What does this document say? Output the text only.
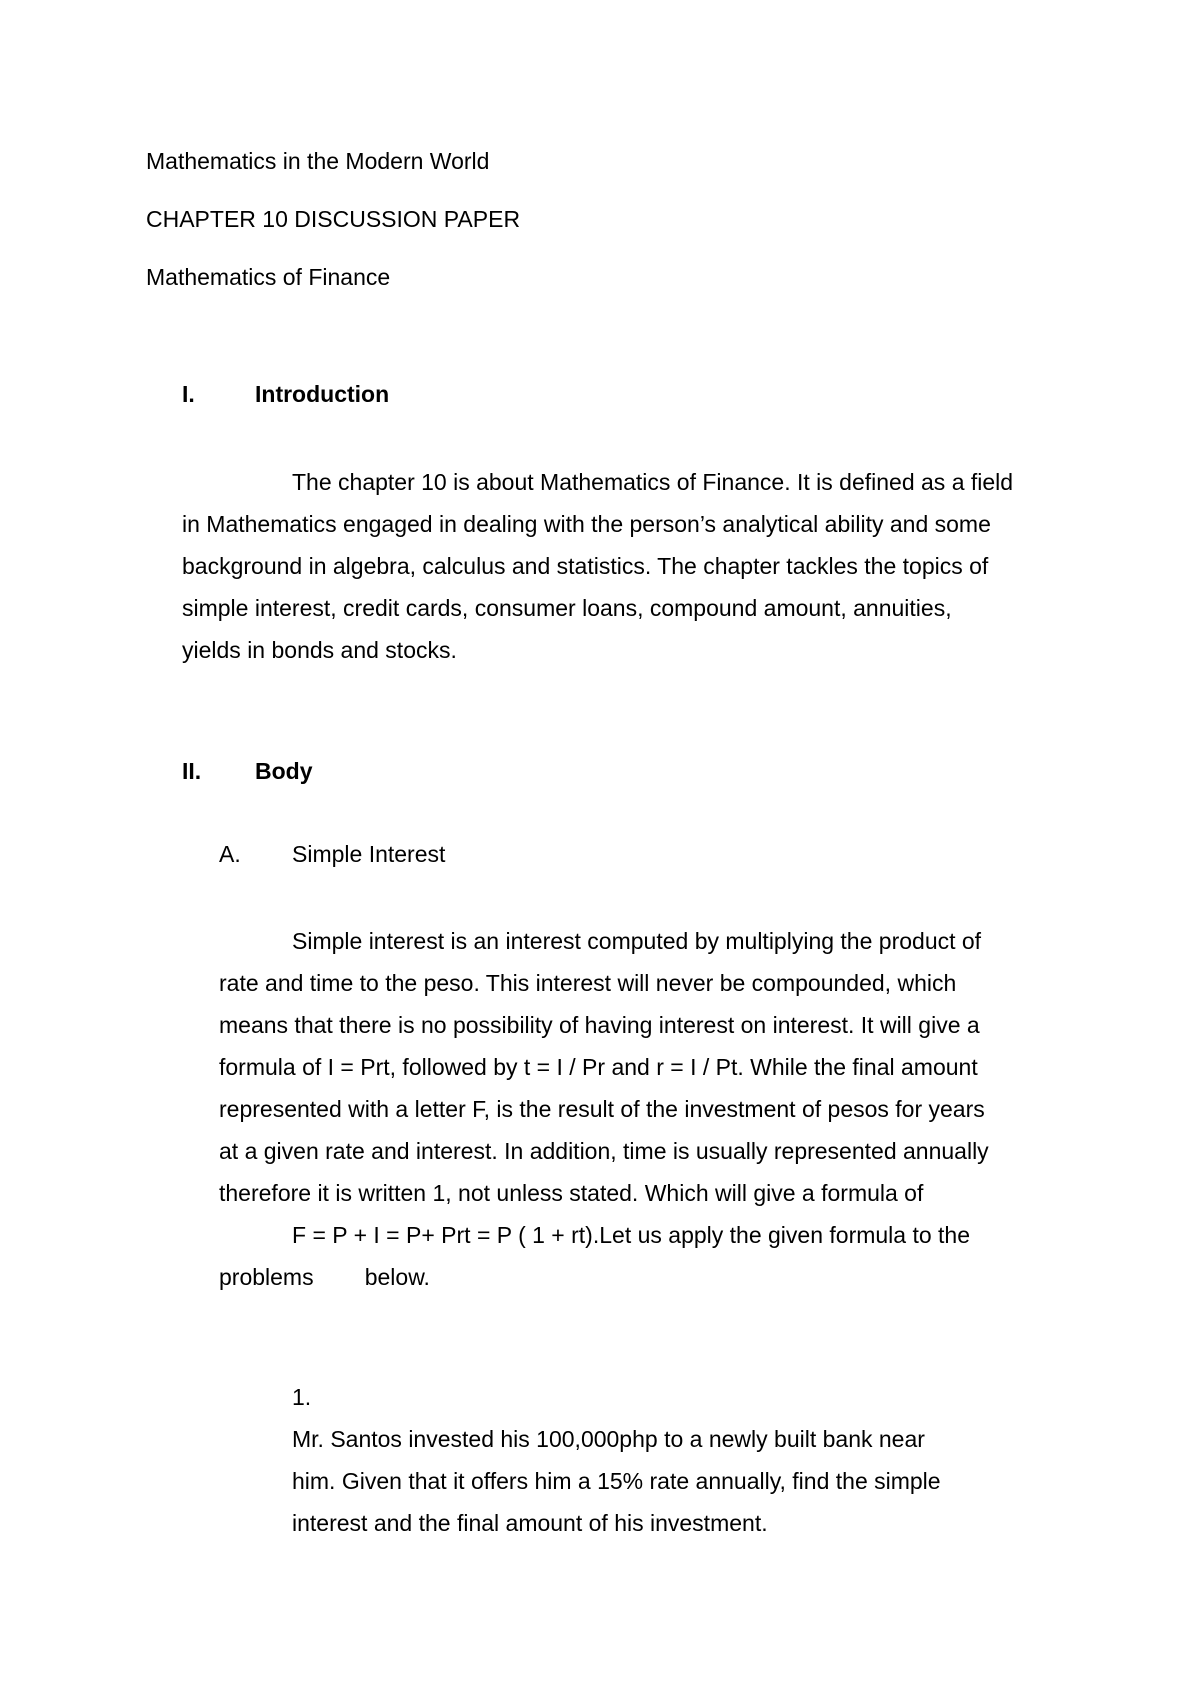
Mathematics in the Modern World
CHAPTER 10 DISCUSSION PAPER
Mathematics of Finance
I.	Introduction
The chapter 10 is about Mathematics of Finance. It is defined as a field
in Mathematics engaged in dealing with the person’s analytical ability and some
background in algebra, calculus and statistics. The chapter tackles the topics of
simple interest, credit cards, consumer loans, compound amount, annuities,
yields in bonds and stocks.
II. Body
A. Simple Interest
Simple interest is an interest computed by multiplying the product of
rate and time to the peso. This interest will never be compounded, which
means that there is no possibility of having interest on interest. It will give a
formula of I = Prt, followed by t = I / Pr and r = I / Pt. While the final amount
represented with a letter F, is the result of the investment of pesos for years
at a given rate and interest. In addition, time is usually represented annually
therefore it is written 1, not unless stated. Which will give a formula of
F = P + I = P+ Prt = P ( 1 + rt).Let us apply the given formula to the
problems        below.
1.
Mr. Santos invested his 100,000php to a newly built bank near
him. Given that it offers him a 15% rate annually, find the simple
interest and the final amount of his investment.
